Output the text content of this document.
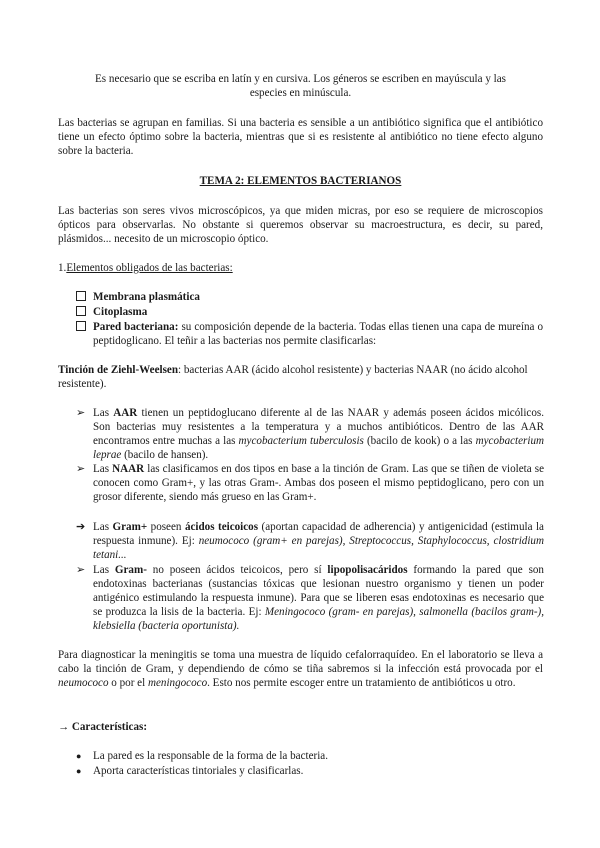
Es necesario que se escriba en latín y en cursiva. Los géneros se escriben en mayúscula y las
especies en minúscula.

Las bacterias se agrupan en familias. Si una bacteria es sensible a un antibiótico significa que el antibiótico tiene un efecto óptimo sobre la bacteria, mientras que si es resistente al antibiótico no tiene efecto alguno sobre la bacteria.

TEMA 2: ELEMENTOS BACTERIANOS

Las bacterias son seres vivos microscópicos, ya que miden micras, por eso se requiere de microscopios ópticos para observarlas. No obstante si queremos observar su macroestructura, es decir, su pared, plásmidos... necesito de un microscopio óptico.

1.Elementos obligados de las bacterias:

Membrana plasmática
Citoplasma
Pared bacteriana: su composición depende de la bacteria. Todas ellas tienen una capa de mureína o peptidoglicano. El teñir a las bacterias nos permite clasificarlas:

Tinción de Ziehl-Weelsen: bacterias AAR (ácido alcohol resistente) y bacterias NAAR (no ácido alcohol resistente).

➢ Las AAR tienen un peptidoglucano diferente al de las NAAR y además poseen ácidos micólicos. Son bacterias muy resistentes a la temperatura y a muchos antibióticos. Dentro de las AAR encontramos entre muchas a las mycobacterium tuberculosis (bacilo de kook) o a las mycobacterium leprae (bacilo de hansen).
➢ Las NAAR las clasificamos en dos tipos en base a la tinción de Gram. Las que se tiñen de violeta se conocen como Gram+, y las otras Gram-. Ambas dos poseen el mismo peptidoglicano, pero con un grosor diferente, siendo más grueso en las Gram+.
➔ Las Gram+ poseen ácidos teicoicos (aportan capacidad de adherencia) y antigenicidad (estimula la respuesta inmune). Ej: neumococo (gram+ en parejas), Streptococcus, Staphylococcus, clostridium tetani...
➢ Las Gram- no poseen ácidos teicoicos, pero sí lipopolisacáridos formando la pared que son endotoxinas bacterianas (sustancias tóxicas que lesionan nuestro organismo y tienen un poder antigénico estimulando la respuesta inmune). Para que se liberen esas endotoxinas es necesario que se produzca la lisis de la bacteria. Ej: Meningococo (gram- en parejas), salmonella (bacilos gram-), klebsiella (bacteria oportunista).

Para diagnosticar la meningitis se toma una muestra de líquido cefalorraquídeo. En el laboratorio se lleva a cabo la tinción de Gram, y dependiendo de cómo se tiña sabremos si la infección está provocada por el neumococo o por el meningococo. Esto nos permite escoger entre un tratamiento de antibióticos u otro.

→ Características:

● La pared es la responsable de la forma de la bacteria.
● Aporta características tintoriales y clasificarlas.
